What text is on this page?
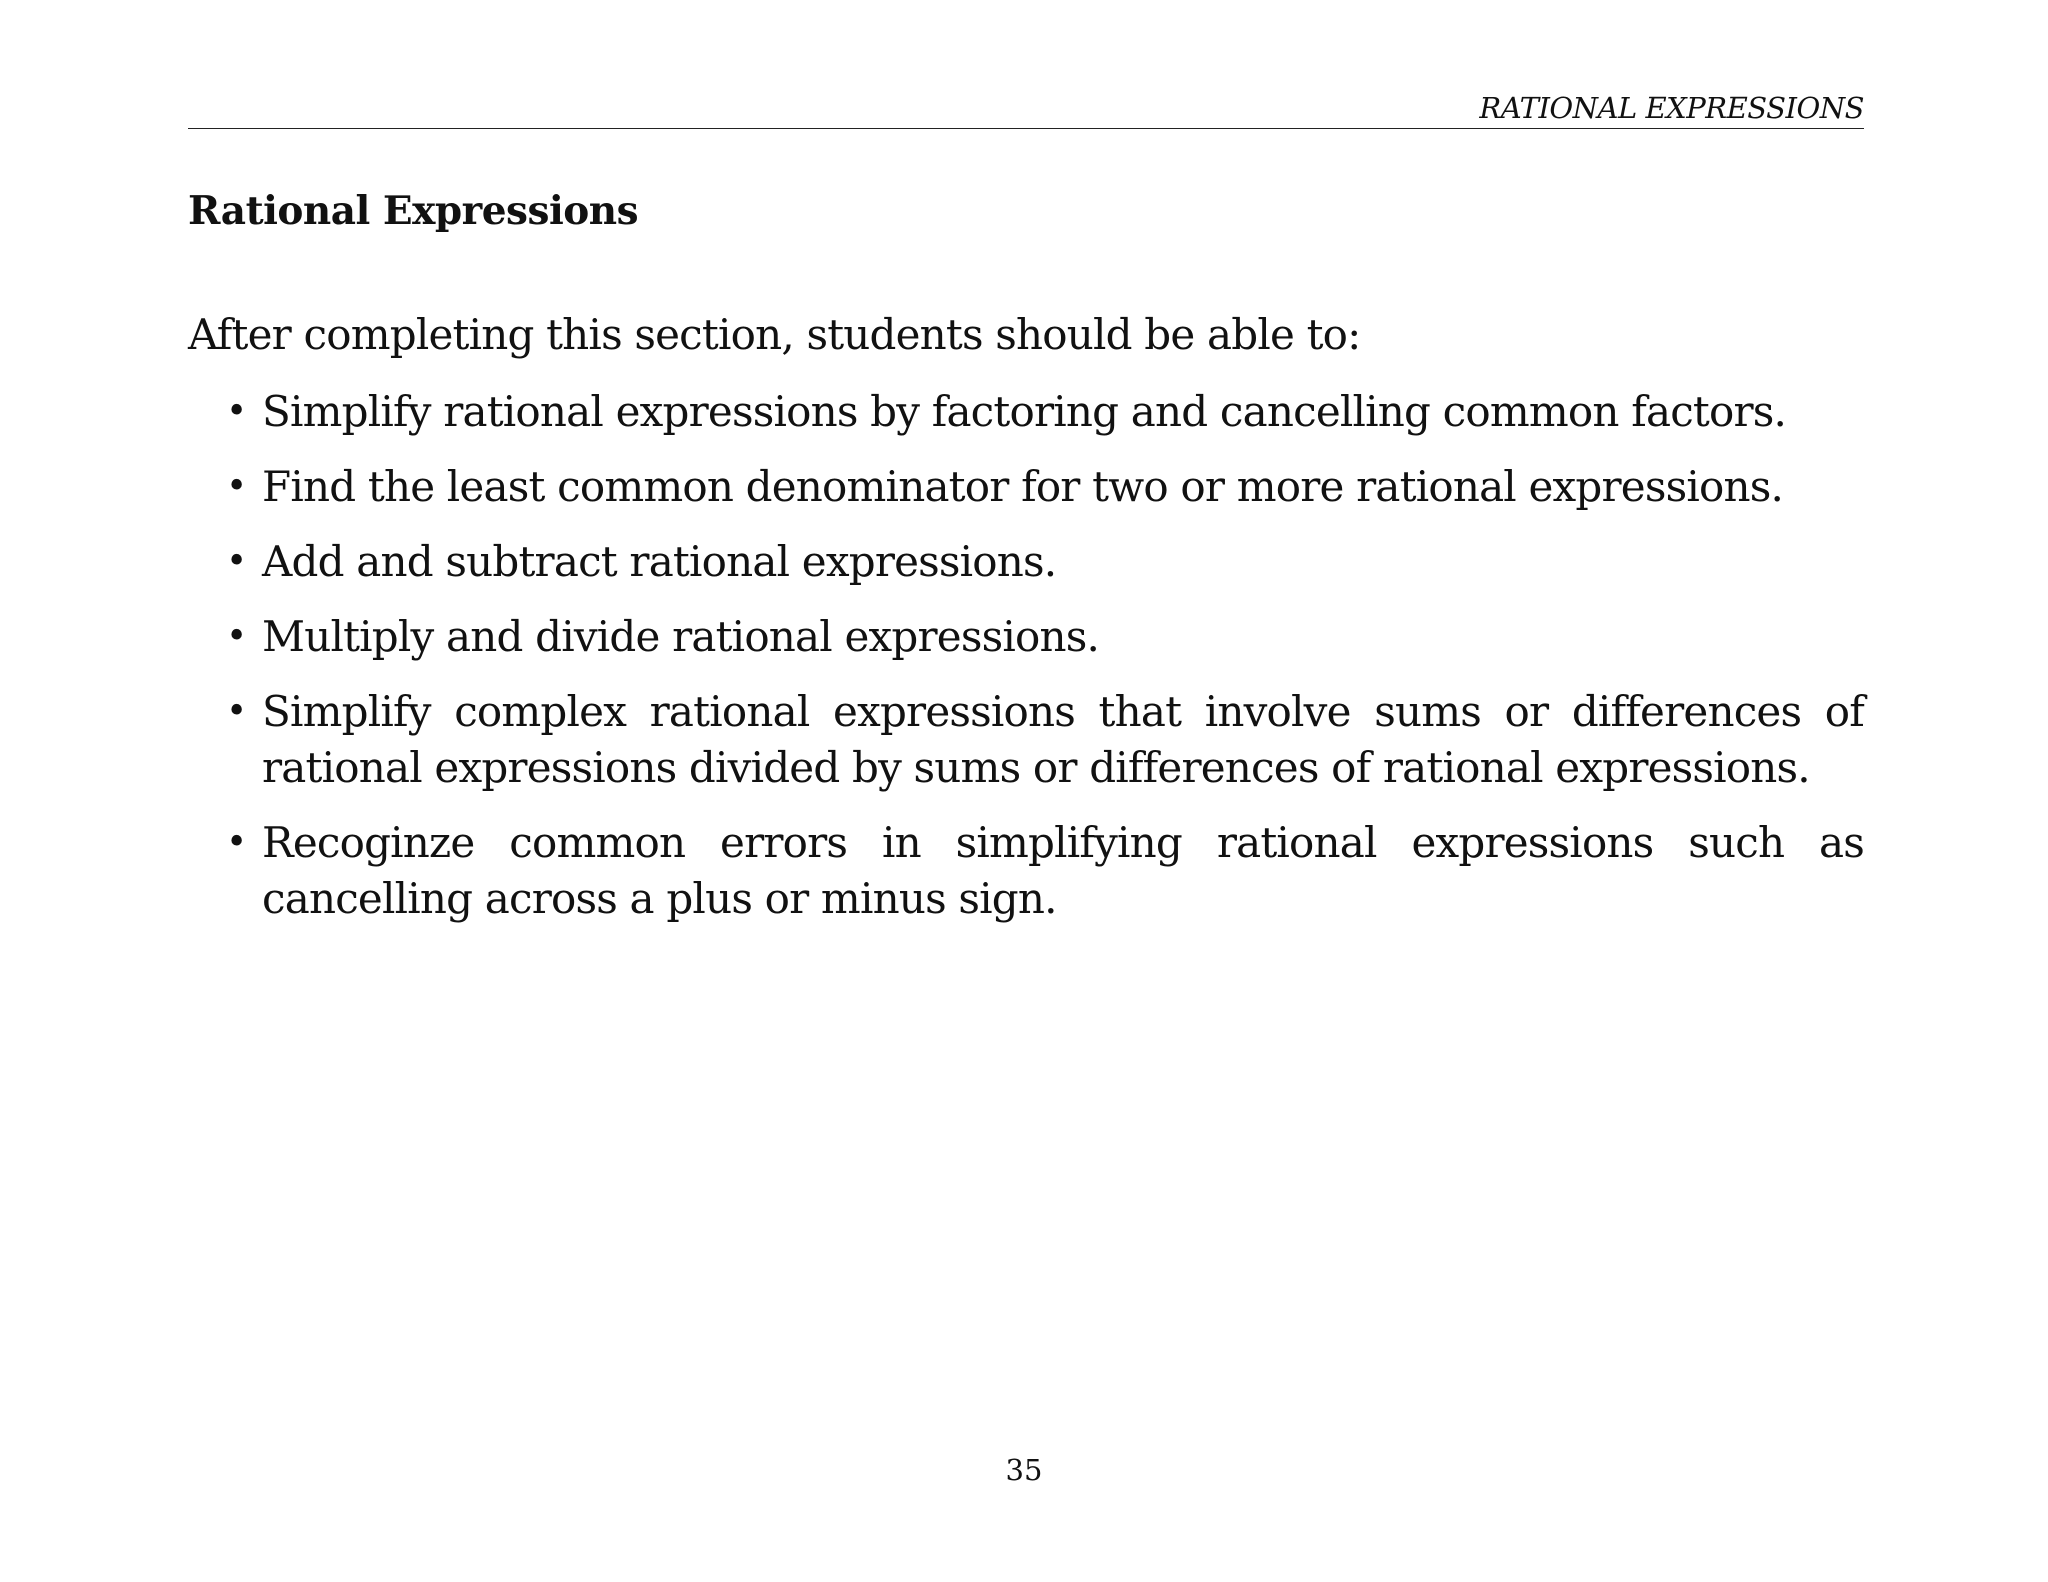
RATIONAL EXPRESSIONS
Rational Expressions

After completing this section, students should be able to:

• Simplify rational expressions by factoring and cancelling common factors.
• Find the least common denominator for two or more rational expressions.
• Add and subtract rational expressions.
• Multiply and divide rational expressions.
• Simplify complex rational expressions that involve sums or differences of rational expressions divided by sums or differences of rational expressions.
• Recoginze common errors in simplifying rational expressions such as cancelling across a plus or minus sign.
35
